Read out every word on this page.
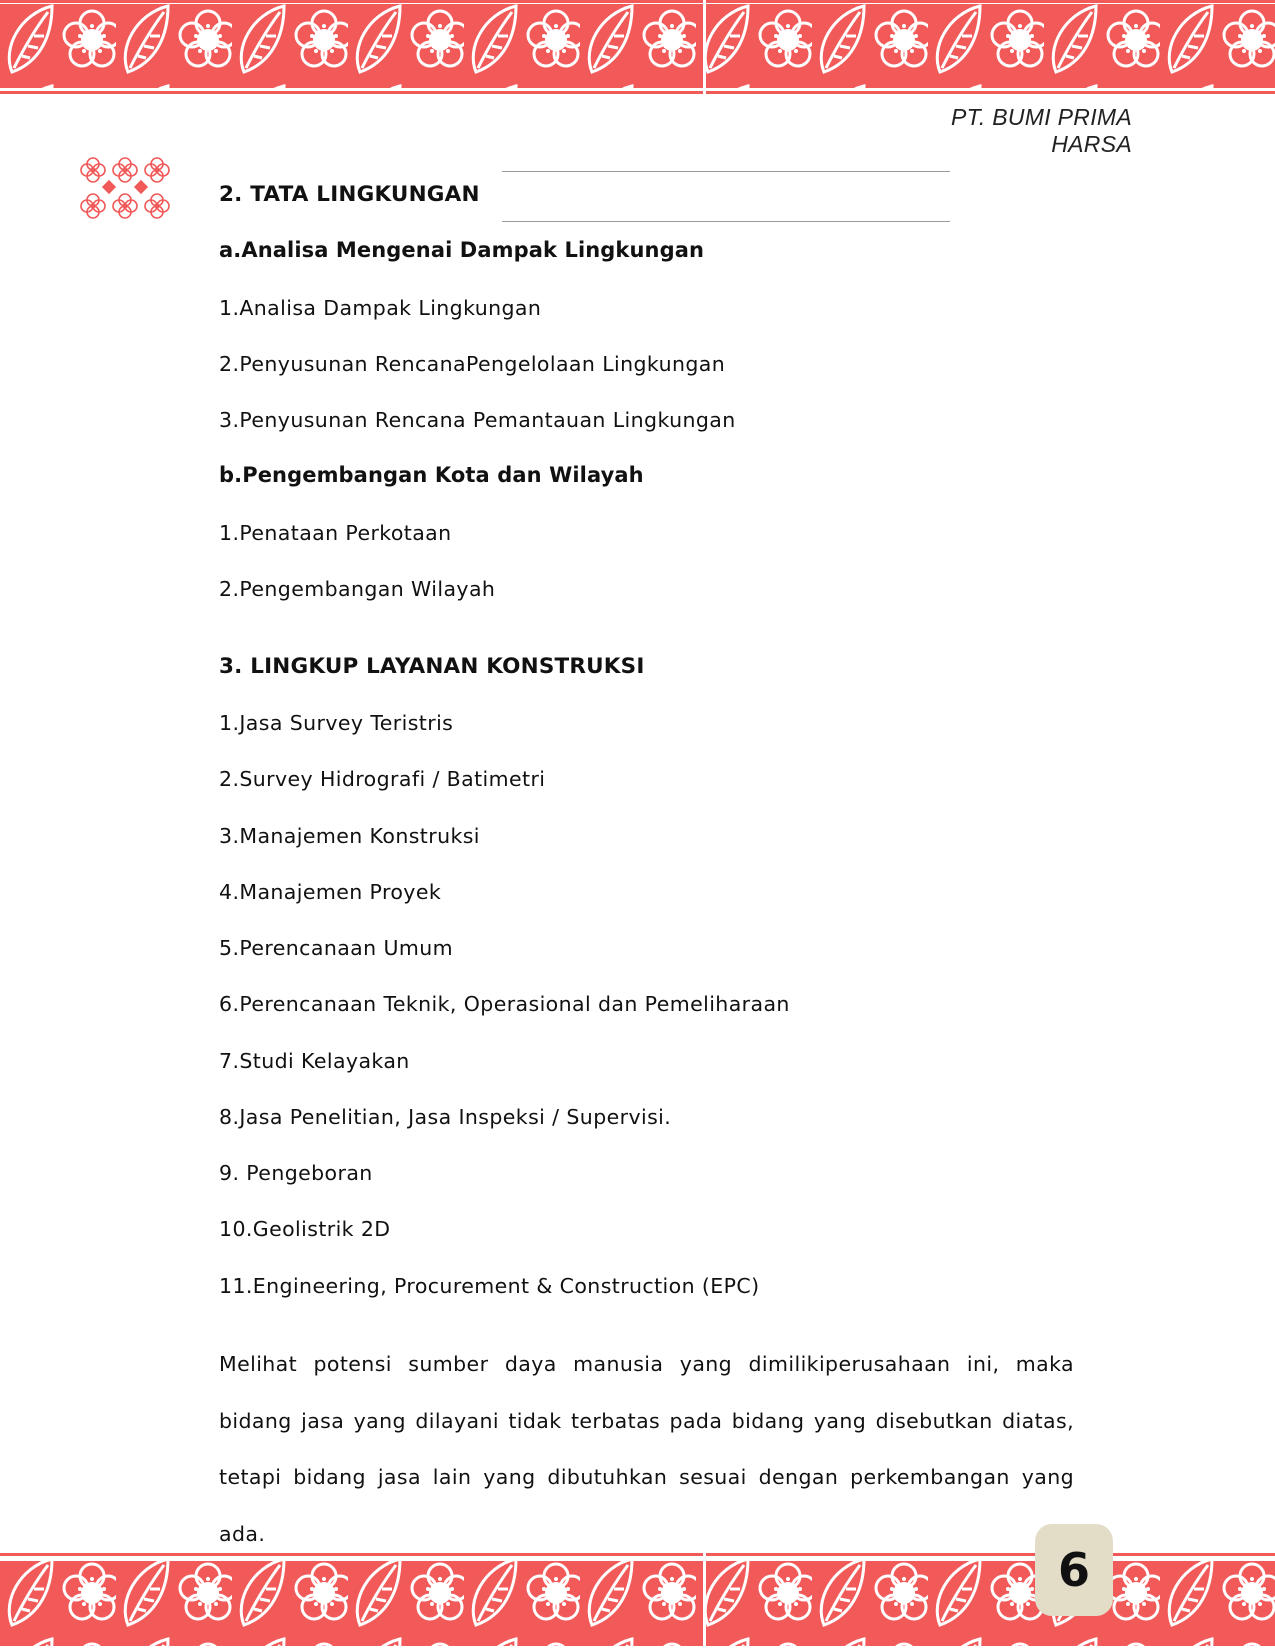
PT. BUMI PRIMA HARSA
2. TATA LINGKUNGAN
a.Analisa Mengenai Dampak Lingkungan
1.Analisa Dampak Lingkungan
2.Penyusunan RencanaPengelolaan Lingkungan
3.Penyusunan Rencana Pemantauan Lingkungan
b.Pengembangan Kota dan Wilayah
1.Penataan Perkotaan
2.Pengembangan Wilayah
3. LINGKUP LAYANAN KONSTRUKSI
1.Jasa Survey Teristris
2.Survey Hidrografi / Batimetri
3.Manajemen Konstruksi
4.Manajemen Proyek
5.Perencanaan Umum
6.Perencanaan Teknik, Operasional dan Pemeliharaan
7.Studi Kelayakan
8.Jasa Penelitian, Jasa Inspeksi / Supervisi.
9. Pengeboran
10.Geolistrik 2D
11.Engineering, Procurement & Construction (EPC)
Melihat potensi sumber daya manusia yang dimilikiperusahaan ini, maka bidang jasa yang dilayani tidak terbatas pada bidang yang disebutkan diatas, tetapi bidang jasa lain yang dibutuhkan sesuai dengan perkembangan yang ada.
6
